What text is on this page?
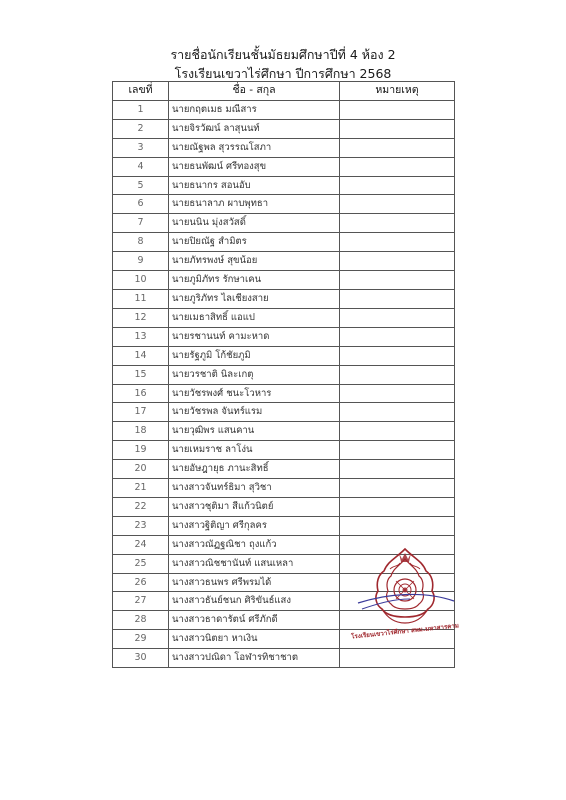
รายชื่อนักเรียนชั้นมัธยมศึกษาปีที่ 4 ห้อง 2
โรงเรียนเขวาไร่ศึกษา ปีการศึกษา 2568
เลขที่	ชื่อ - สกุล	หมายเหตุ
1	นายกฤตเมธ มณีสาร	
2	นายจิรวัฒน์ ลาสุนนท์	
3	นายณัฐพล สุวรรณโสภา	
4	นายธนพัฒน์ ศรีทองสุข	
5	นายธนากร สอนอับ	
6	นายธนาลาภ ผาบพุทธา	
7	นายนนิน มุ่งสวัสดิ์	
8	นายปิยณัฐ สำมิตร	
9	นายภัทรพงษ์ สุขน้อย	
10	นายภูมิภัทร รักษาเคน	
11	นายภูริภัทร ไลเชียงสาย	
12	นายเมธาสิทธิ์ แอแป	
13	นายรชานนท์ คามะหาด	
14	นายรัฐภูมิ โก้ชัยภูมิ	
15	นายวรชาติ นิละเกตุ	
16	นายวัชรพงศ์ ชนะโวหาร	
17	นายวัชรพล จันทร์แรม	
18	นายวุฒิพร แสนคาน	
19	นายเหมราช ลาโง่น	
20	นายอัษฎายุธ ภานะสิทธิ์	
21	นางสาวจันทร์ธิมา สุวิชา	
22	นางสาวชุติมา สีแก้วนิตย์	
23	นางสาวฐิติญา ศรีกุลคร	
24	นางสาวณัฏฐณิชา ถุงแก้ว	
25	นางสาวณิชชานันท์ แสนเหลา	
26	นางสาวธนพร ศรีพรมได้	
27	นางสาวธันย์ชนก ศิริขันธ์แสง	
28	นางสาวธาดารัตน์ ศรีภักดี	
29	นางสาวนิตยา หาเงิน	
30	นางสาวปณิดา โอฬารทิชาชาต	
โรงเรียนเขวาไร่ศึกษา สพม.มหาสารคาม
